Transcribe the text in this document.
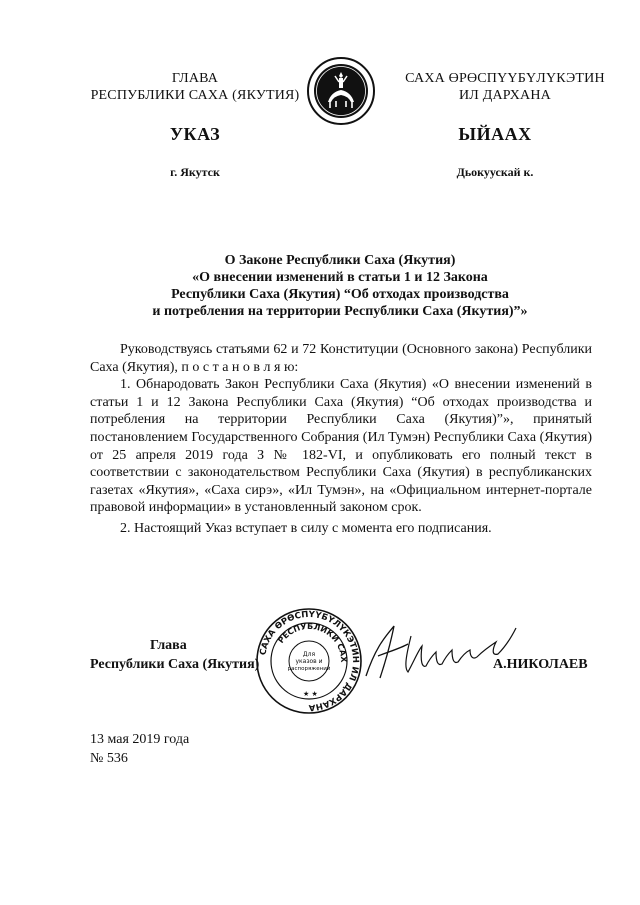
ГЛАВА
РЕСПУБЛИКИ САХА (ЯКУТИЯ)
САХА ӨРӨСПҮҮБҮЛҮКЭТИН
ИЛ ДАРХАНА
УКАЗ	ЫЙААХ
г. Якутск	Дьокуускай к.
О Законе Республики Саха (Якутия)
«О внесении изменений в статьи 1 и 12 Закона
Республики Саха (Якутия) “Об отходах производства
и потребления на территории Республики Саха (Якутия)”»

Руководствуясь статьями 62 и 72 Конституции (Основного закона) Республики Саха (Якутия), п о с т а н о в л я ю:

1. Обнародовать Закон Республики Саха (Якутия) «О внесении изменений в статьи 1 и 12 Закона Республики Саха (Якутия) “Об отходах производства и потребления на территории Республики Саха (Якутия)”», принятый постановлением Государственного Собрания (Ил Тумэн) Республики Саха (Якутия) от 25 апреля 2019 года З № 182-VI, и опубликовать его полный текст в соответствии с законодательством Республики Саха (Якутия) в республиканских газетах «Якутия», «Саха сирэ», «Ил Тумэн», на «Официальном интернет-портале правовой информации» в установленный законом срок.

2. Настоящий Указ вступает в силу с момента его подписания.

Глава
Республики Саха (Якутия)	А.НИКОЛАЕВ
САХА ӨРӨСПҮҮБҮЛҮКЭТИН ИЛ ДАРХАНА
РЕСПУБЛИКИ САХ
Для
указов и
распоряжений
★ ★
13 мая 2019 года
№ 536
